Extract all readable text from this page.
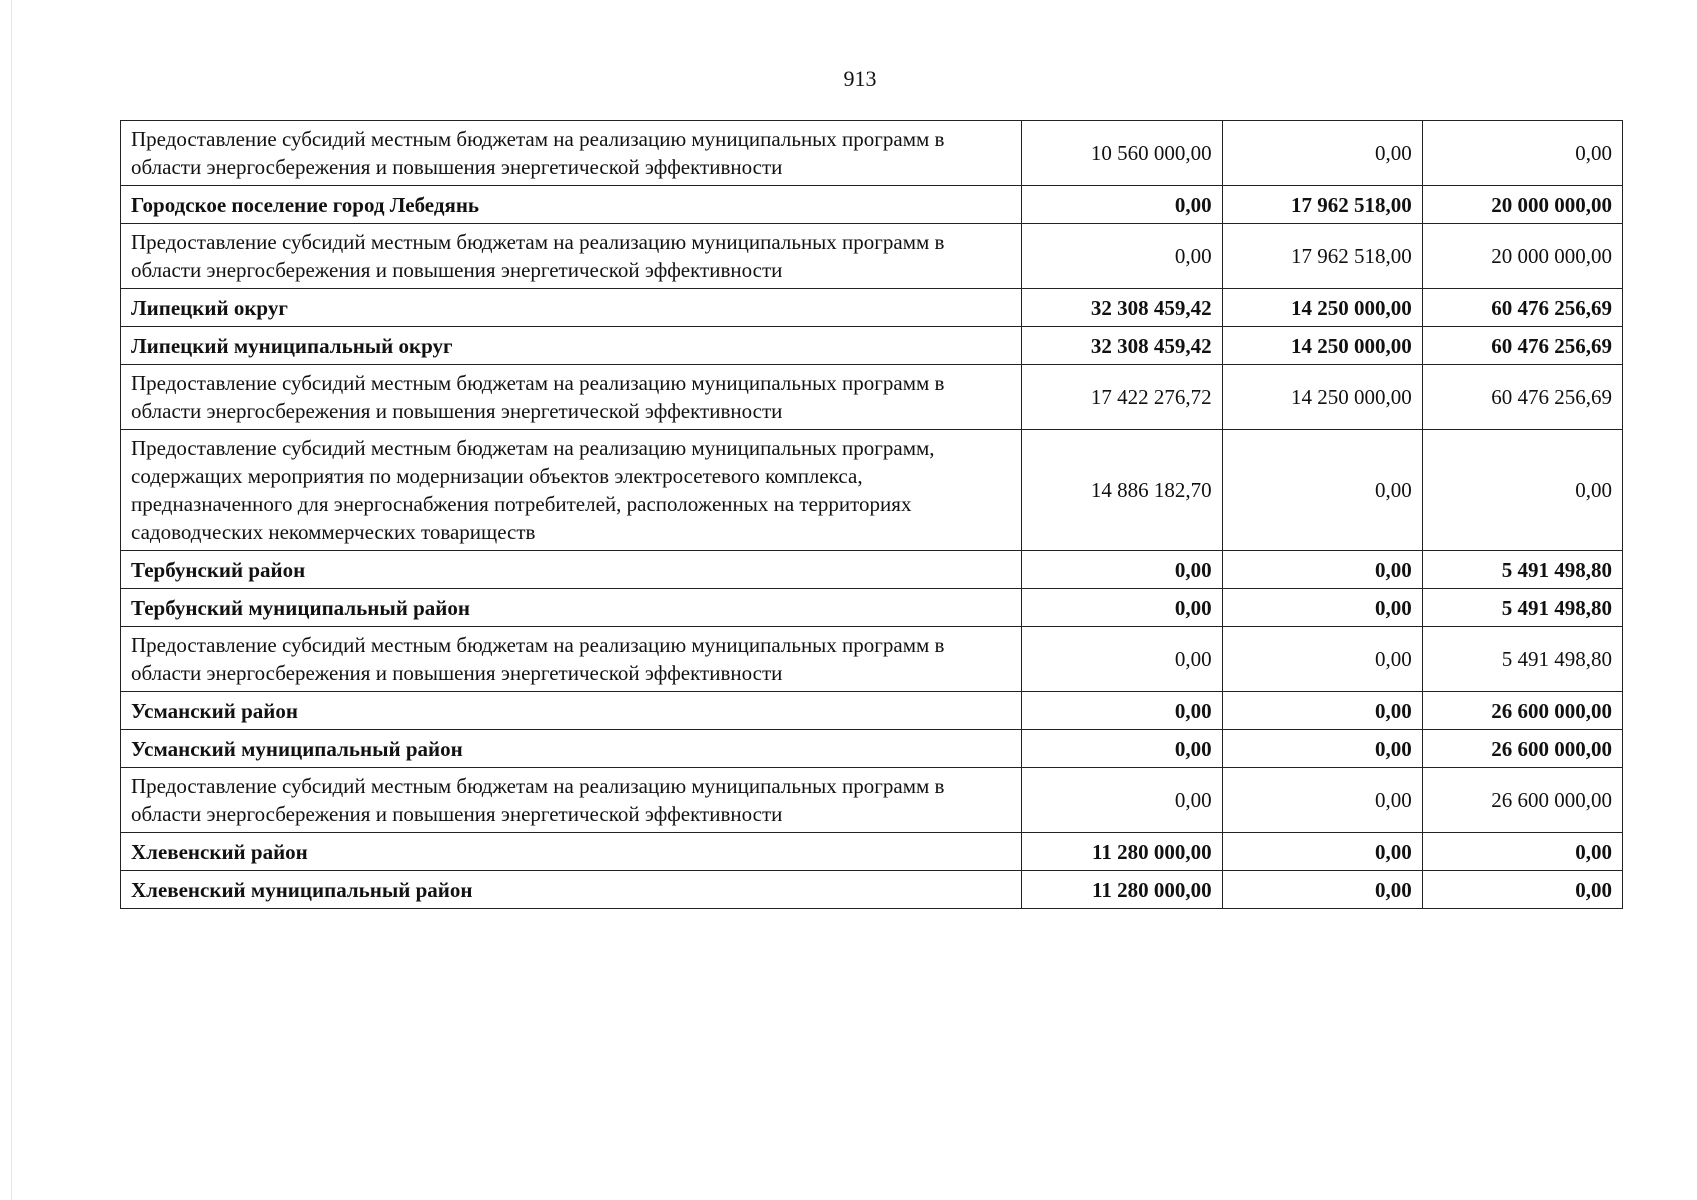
913
Предоставление субсидий местным бюджетам на реализацию муниципальных программ в области энергосбережения и повышения энергетической эффективности	10 560 000,00	0,00	0,00
Городское поселение город Лебедянь	0,00	17 962 518,00	20 000 000,00
Предоставление субсидий местным бюджетам на реализацию муниципальных программ в области энергосбережения и повышения энергетической эффективности	0,00	17 962 518,00	20 000 000,00
Липецкий округ	32 308 459,42	14 250 000,00	60 476 256,69
Липецкий муниципальный округ	32 308 459,42	14 250 000,00	60 476 256,69
Предоставление субсидий местным бюджетам на реализацию муниципальных программ в области энергосбережения и повышения энергетической эффективности	17 422 276,72	14 250 000,00	60 476 256,69
Предоставление субсидий местным бюджетам на реализацию муниципальных программ, содержащих мероприятия по модернизации объектов электросетевого комплекса, предназначенного для энергоснабжения потребителей, расположенных на территориях садоводческих некоммерческих товариществ	14 886 182,70	0,00	0,00
Тербунский район	0,00	0,00	5 491 498,80
Тербунский муниципальный район	0,00	0,00	5 491 498,80
Предоставление субсидий местным бюджетам на реализацию муниципальных программ в области энергосбережения и повышения энергетической эффективности	0,00	0,00	5 491 498,80
Усманский район	0,00	0,00	26 600 000,00
Усманский муниципальный район	0,00	0,00	26 600 000,00
Предоставление субсидий местным бюджетам на реализацию муниципальных программ в области энергосбережения и повышения энергетической эффективности	0,00	0,00	26 600 000,00
Хлевенский район	11 280 000,00	0,00	0,00
Хлевенский муниципальный район	11 280 000,00	0,00	0,00
